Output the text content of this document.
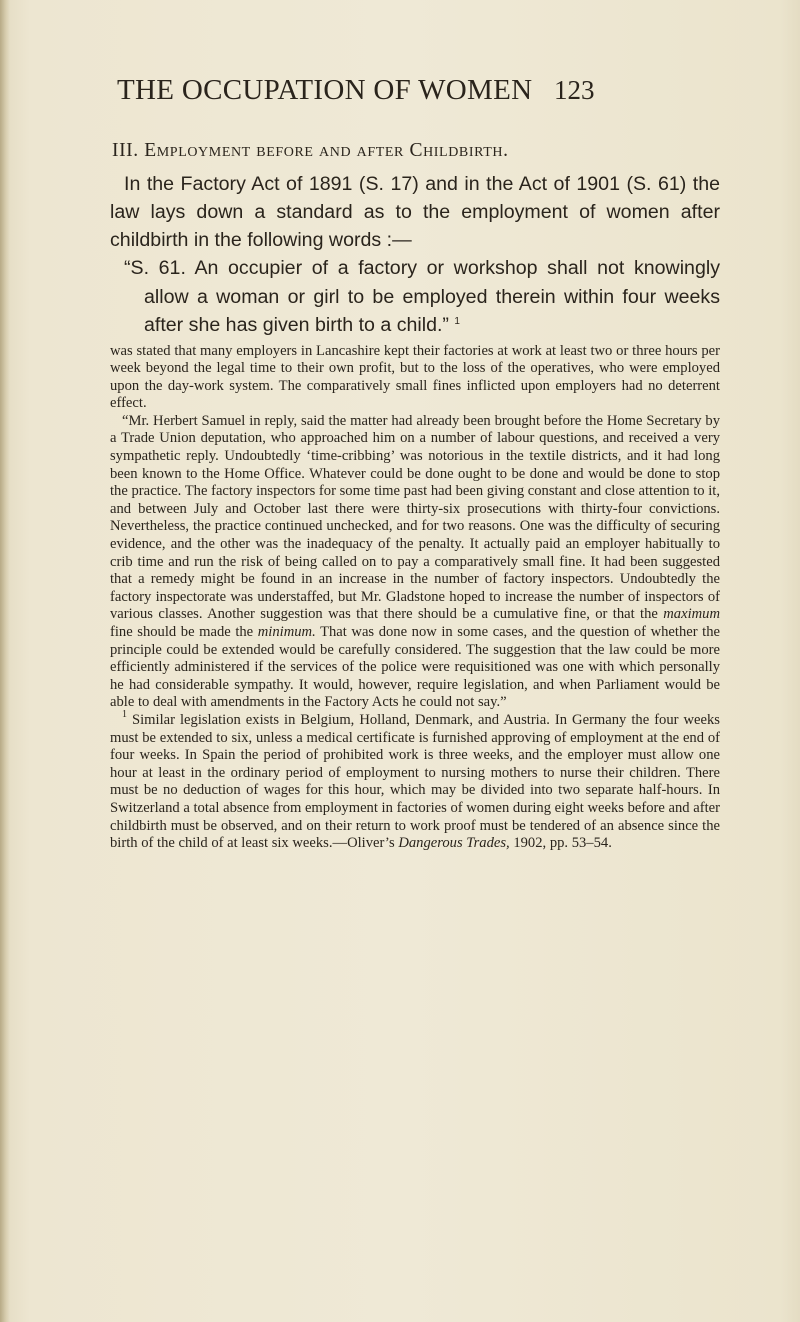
THE OCCUPATION OF WOMEN 123
III. Employment before and after Childbirth.

In the Factory Act of 1891 (S. 17) and in the Act of 1901 (S. 61) the law lays down a standard as to the employment of women after childbirth in the following words :—

“S. 61. An occupier of a factory or workshop shall not knowingly allow a woman or girl to be employed therein within four weeks after she has given birth to a child.” $^1$

was stated that many employers in Lancashire kept their factories at work at least two or three hours per week beyond the legal time to their own profit, but to the loss of the operatives, who were employed upon the day-work system. The comparatively small fines inflicted upon employers had no deterrent effect.

“Mr. Herbert Samuel in reply, said the matter had already been brought before the Home Secretary by a Trade Union deputation, who approached him on a number of labour questions, and received a very sympathetic reply. Undoubtedly ‘time-cribbing’ was notorious in the textile districts, and it had long been known to the Home Office. Whatever could be done ought to be done and would be done to stop the practice. The factory inspectors for some time past had been giving constant and close attention to it, and between July and October last there were thirty-six prosecutions with thirty-four convictions. Nevertheless, the practice continued unchecked, and for two reasons. One was the difficulty of securing evidence, and the other was the inadequacy of the penalty. It actually paid an employer habitually to crib time and run the risk of being called on to pay a comparatively small fine. It had been suggested that a remedy might be found in an increase in the number of factory inspectors. Undoubtedly the factory inspectorate was understaffed, but Mr. Gladstone hoped to increase the number of inspectors of various classes. Another suggestion was that there should be a cumulative fine, or that the maximum fine should be made the minimum. That was done now in some cases, and the question of whether the principle could be extended would be carefully considered. The suggestion that the law could be more efficiently administered if the services of the police were requisitioned was one with which personally he had considerable sympathy. It would, however, require legislation, and when Parliament would be able to deal with amendments in the Factory Acts he could not say.”

$^1$ Similar legislation exists in Belgium, Holland, Denmark, and Austria. In Germany the four weeks must be extended to six, unless a medical certificate is furnished approving of employment at the end of four weeks. In Spain the period of prohibited work is three weeks, and the employer must allow one hour at least in the ordinary period of employment to nursing mothers to nurse their children. There must be no deduction of wages for this hour, which may be divided into two separate half-hours. In Switzerland a total absence from employment in factories of women during eight weeks before and after childbirth must be observed, and on their return to work proof must be tendered of an absence since the birth of the child of at least six weeks.—Oliver’s Dangerous Trades, 1902, pp. 53–54.
